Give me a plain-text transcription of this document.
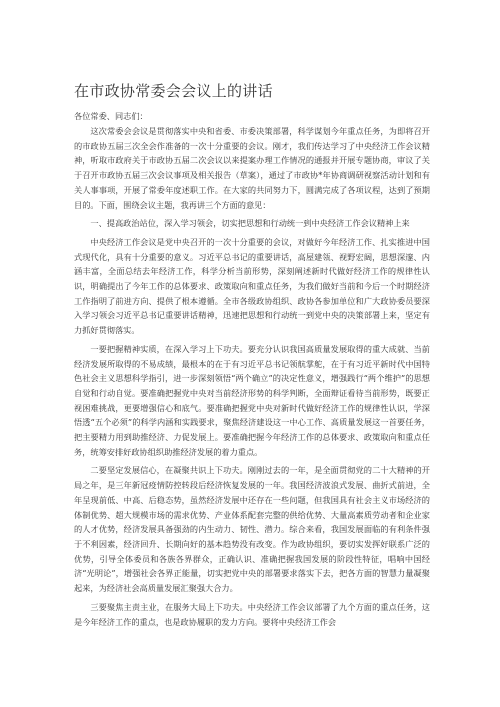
在市政协常委会会议上的讲话
各位常委、同志们：

这次常委会会议是贯彻落实中央和省委、市委决策部署，科学谋划今年重点任务，为即将召开的市政协五届三次全会作准备的一次十分重要的会议。刚才，我们传达学习了中央经济工作会议精神，听取市政府关于市政协五届二次会议以来提案办理工作情况的通报并开展专题协商，审议了关于召开市政协五届三次会议事项及相关报告（草案），通过了市政协*年协商调研视察活动计划和有关人事事项，开展了常委年度述职工作。在大家的共同努力下，圆满完成了各项议程，达到了预期目的。下面，围绕会议主题，我再讲三个方面的意见：

一、提高政治站位，深入学习领会，切实把思想和行动统一到中央经济工作会议精神上来

中央经济工作会议是党中央召开的一次十分重要的会议，对做好今年经济工作、扎实推进中国式现代化，具有十分重要的意义。习近平总书记的重要讲话，高屋建瓴、视野宏阔，思想深邃、内涵丰富，全面总结去年经济工作，科学分析当前形势，深刻阐述新时代做好经济工作的规律性认识，明确提出了今年工作的总体要求、政策取向和重点任务，为我们做好当前和今后一个时期经济工作指明了前进方向、提供了根本遵循。全市各级政协组织、政协各参加单位和广大政协委员要深入学习领会习近平总书记重要讲话精神，迅速把思想和行动统一到党中央的决策部署上来，坚定有力抓好贯彻落实。

一要把握精神实质，在深入学习上下功夫。要充分认识我国高质量发展取得的重大成就、当前经济发展所取得的不易成绩，最根本的在于有习近平总书记领航掌舵，在于有习近平新时代中国特色社会主义思想科学指引，进一步深刻领悟“两个确立”的决定性意义，增强践行“两个维护”的思想自觉和行动自觉。要准确把握党中央对当前经济形势的科学判断，全面辩证看待当前形势，既要正视困难挑战，更要增强信心和底气。要准确把握党中央对新时代做好经济工作的规律性认识，学深悟透“五个必须”的科学内涵和实践要求，聚焦经济建设这一中心工作、高质量发展这一首要任务，把主要精力用到助推经济、力促发展上。要准确把握今年经济工作的总体要求、政策取向和重点任务，统筹安排好政协组织助推经济发展的着力重点。

二要坚定发展信心，在凝聚共识上下功夫。刚刚过去的一年，是全面贯彻党的二十大精神的开局之年，是三年新冠疫情防控转段后经济恢复发展的一年。我国经济波浪式发展、曲折式前进，全年呈现前低、中高、后稳态势，虽然经济发展中还存在一些问题，但我国具有社会主义市场经济的体制优势、超大规模市场的需求优势、产业体系配套完整的供给优势、大量高素质劳动者和企业家的人才优势，经济发展具备强劲的内生动力、韧性、潜力。综合来看，我国发展面临的有利条件强于不利因素，经济回升、长期向好的基本趋势没有改变。作为政协组织，要切实发挥好联系广泛的优势，引导全体委员和各族各界群众，正确认识、准确把握我国发展的阶段性特征，唱响中国经济“光明论”，增强社会各界正能量，切实把党中央的部署要求落实下去，把各方面的智慧力量凝聚起来，为经济社会高质量发展汇聚强大合力。

三要聚焦主责主业，在服务大局上下功夫。中央经济工作会议部署了九个方面的重点任务，这是今年经济工作的重点，也是政协履职的发力方向。要将中央经济工作会
